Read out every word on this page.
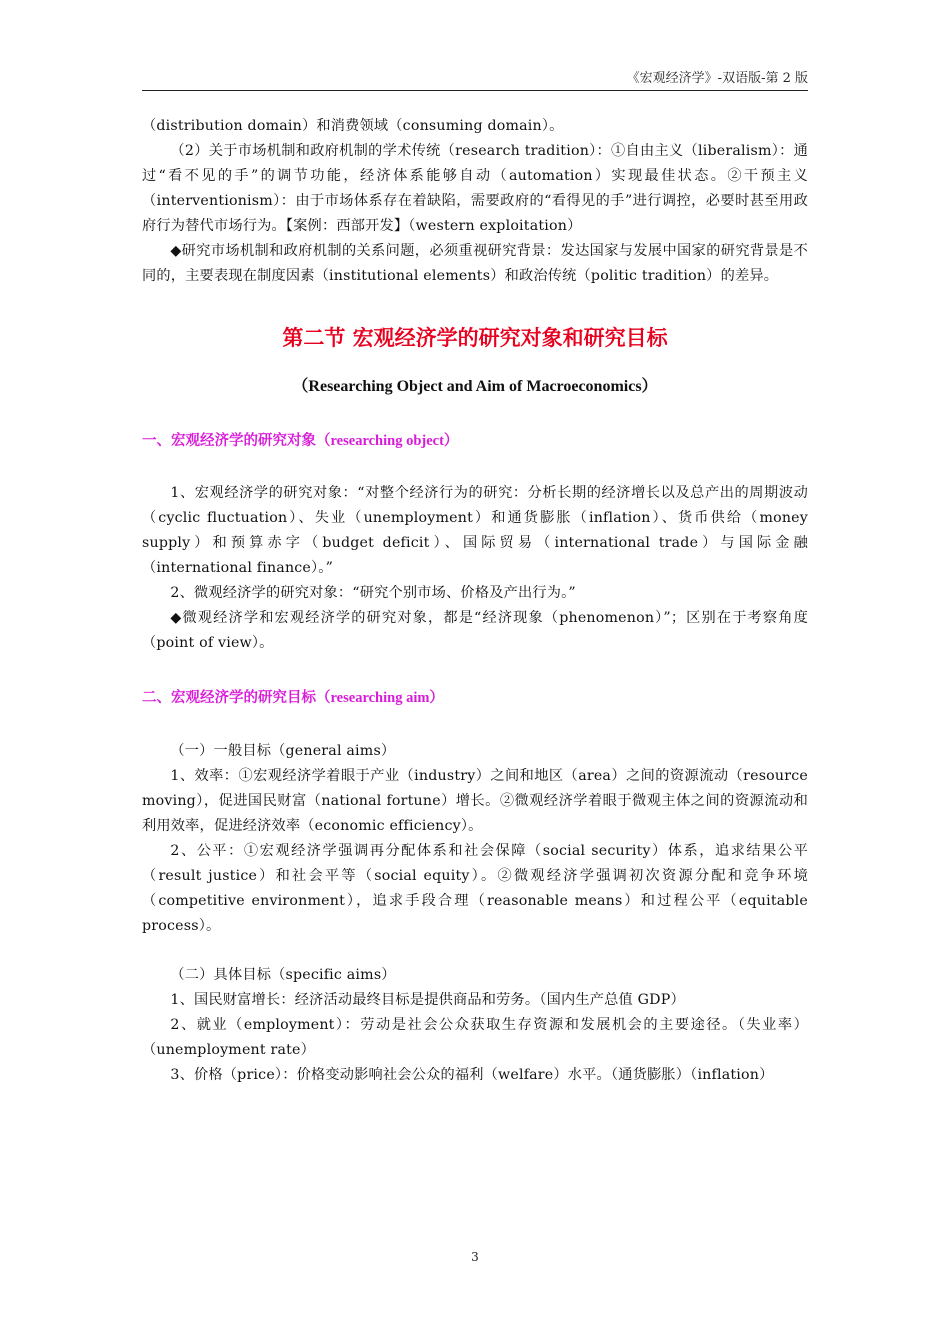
《宏观经济学》-双语版-第 2 版

（distribution domain）和消费领域（consuming domain）。

（2）关于市场机制和政府机制的学术传统（research tradition）：①自由主义（liberalism）：通过“看不见的手”的调节功能，经济体系能够自动（automation）实现最佳状态。②干预主义（interventionism）：由于市场体系存在着缺陷，需要政府的“看得见的手”进行调控，必要时甚至用政府行为替代市场行为。【案例：西部开发】（western exploitation）

◆研究市场机制和政府机制的关系问题，必须重视研究背景：发达国家与发展中国家的研究背景是不同的，主要表现在制度因素（institutional elements）和政治传统（politic tradition）的差异。

第二节 宏观经济学的研究对象和研究目标
（Researching Object and Aim of Macroeconomics）
一、宏观经济学的研究对象（researching object）

1、宏观经济学的研究对象：“对整个经济行为的研究：分析长期的经济增长以及总产出的周期波动（cyclic fluctuation）、失业（unemployment）和通货膨胀（inflation）、货币供给（money supply）和预算赤字（budget deficit）、国际贸易（international trade）与国际金融（international finance）。”

2、微观经济学的研究对象：“研究个别市场、价格及产出行为。”

◆微观经济学和宏观经济学的研究对象，都是“经济现象（phenomenon）”；区别在于考察角度（point of view）。

二、宏观经济学的研究目标（researching aim）

（一）一般目标（general aims）

1、效率：①宏观经济学着眼于产业（industry）之间和地区（area）之间的资源流动（resource moving），促进国民财富（national fortune）增长。②微观经济学着眼于微观主体之间的资源流动和利用效率，促进经济效率（economic efficiency）。

2、公平：①宏观经济学强调再分配体系和社会保障（social security）体系，追求结果公平（result justice）和社会平等（social equity）。②微观经济学强调初次资源分配和竞争环境（competitive environment），追求手段合理（reasonable means）和过程公平（equitable process）。

（二）具体目标（specific aims）

1、国民财富增长：经济活动最终目标是提供商品和劳务。（国内生产总值 GDP）

2、就业（employment）：劳动是社会公众获取生存资源和发展机会的主要途径。（失业率）（unemployment rate）

3、价格（price）：价格变动影响社会公众的福利（welfare）水平。（通货膨胀）（inflation）

3
